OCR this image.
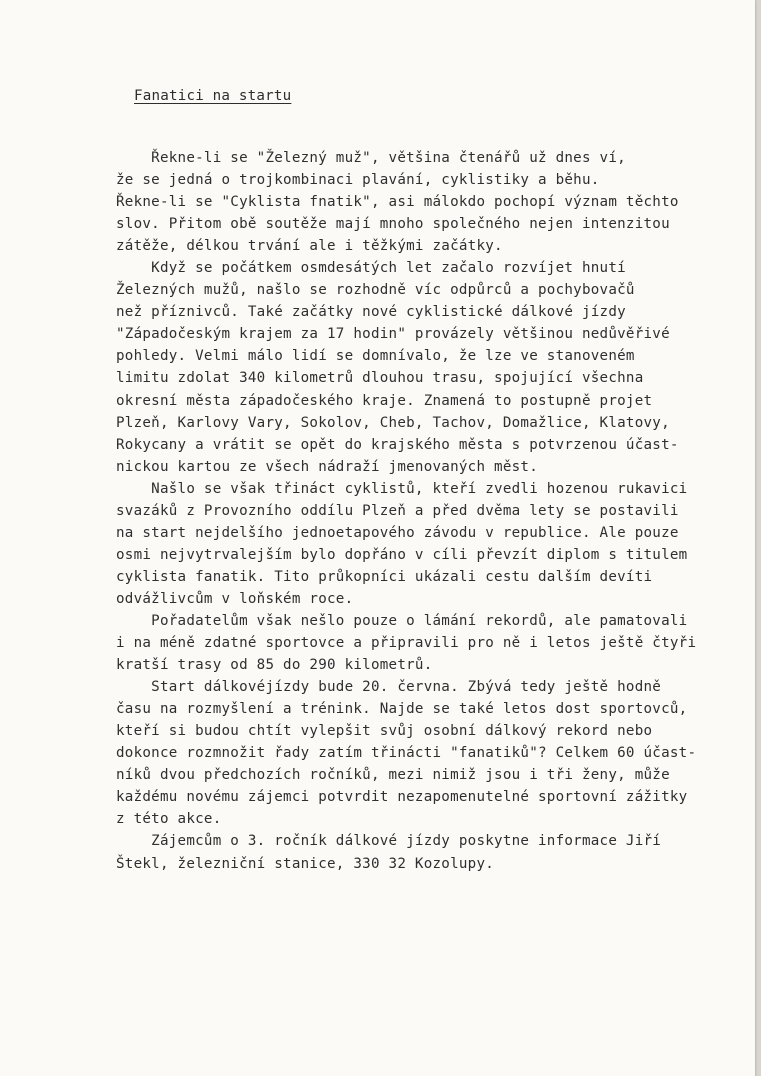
Fanatici na startu
Řekne-li se "Železný muž", většina čtenářů už dnes ví,
že se jedná o trojkombinaci plavání, cyklistiky a běhu.
Řekne-li se "Cyklista fnatik", asi málokdo pochopí význam těchto
slov. Přitom obě soutěže mají mnoho společného nejen intenzitou
zátěže, délkou trvání ale i těžkými začátky.
Když se počátkem osmdesátých let začalo rozvíjet hnutí
Železných mužů, našlo se rozhodně víc odpůrců a pochybovačů
než příznivců. Také začátky nové cyklistické dálkové jízdy
"Západočeským krajem za 17 hodin" provázely většinou nedůvěřivé
pohledy. Velmi málo lidí se domnívalo, že lze ve stanoveném
limitu zdolat 340 kilometrů dlouhou trasu, spojující všechna
okresní města západočeského kraje. Znamená to postupně projet
Plzeň, Karlovy Vary, Sokolov, Cheb, Tachov, Domažlice, Klatovy,
Rokycany a vrátit se opět do krajského města s potvrzenou účast-
nickou kartou ze všech nádraží jmenovaných měst.
Našlo se však třináct cyklistů, kteří zvedli hozenou rukavici
svazáků z Provozního oddílu Plzeň a před dvěma lety se postavili
na start nejdelšího jednoetapového závodu v republice. Ale pouze
osmi nejvytrvalejším bylo dopřáno v cíli převzít diplom s titulem
cyklista fanatik. Tito průkopníci ukázali cestu dalším devíti
odvážlivcům v loňském roce.
Pořadatelům však nešlo pouze o lámání rekordů, ale pamatovali
i na méně zdatné sportovce a připravili pro ně i letos ještě čtyři
kratší trasy od 85 do 290 kilometrů.
Start dálkovéjízdy bude 20. června. Zbývá tedy ještě hodně
času na rozmyšlení a trénink. Najde se také letos dost sportovců,
kteří si budou chtít vylepšit svůj osobní dálkový rekord nebo
dokonce rozmnožit řady zatím třinácti "fanatiků"? Celkem 60 účast-
níků dvou předchozích ročníků, mezi nimiž jsou i tři ženy, může
každému novému zájemci potvrdit nezapomenutelné sportovní zážitky
z této akce.
Zájemcům o 3. ročník dálkové jízdy poskytne informace Jiří
Štekl, železniční stanice, 330 32 Kozolupy.
